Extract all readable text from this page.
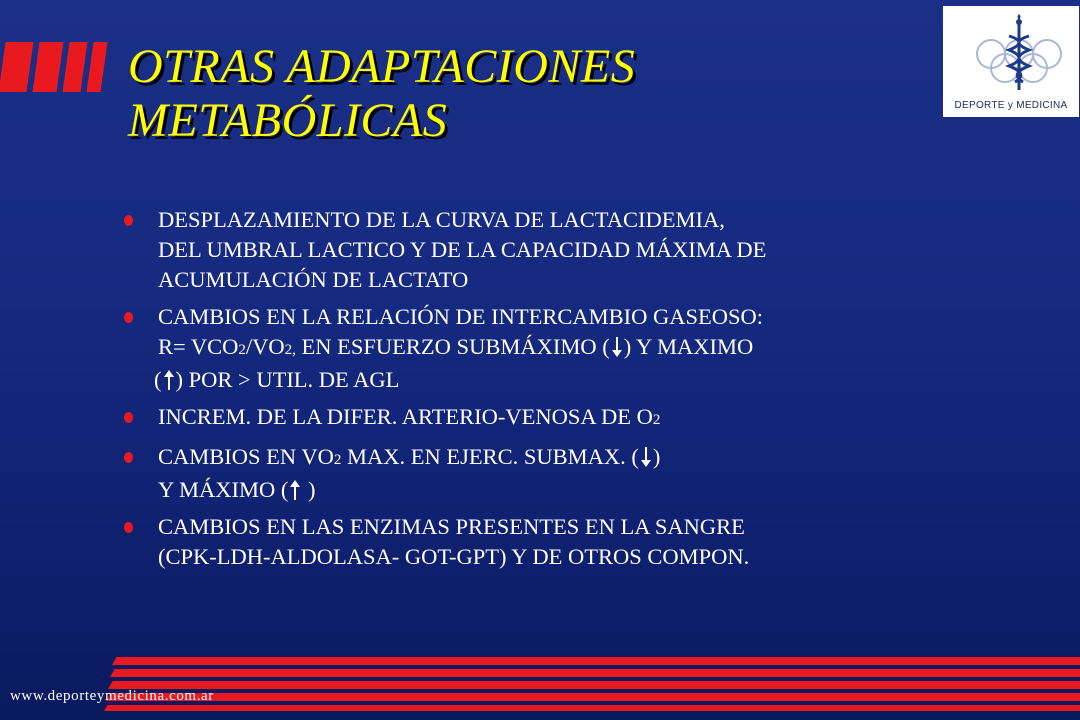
OTRAS ADAPTACIONES
METABÓLICAS	DEPORTE y MEDICINA
DESPLAZAMIENTO DE LA CURVA DE LACTACIDEMIA,
DEL UMBRAL LACTICO Y DE LA CAPACIDAD MÁXIMA DE
ACUMULACIÓN DE LACTATO
CAMBIOS EN LA RELACIÓN DE INTERCAMBIO GASEOSO:
R= VCO2/VO2, EN ESFUERZO SUBMÁXIMO ( ) Y MAXIMO
( ) POR > UTIL. DE AGL
INCREM. DE LA DIFER. ARTERIO-VENOSA DE O2
CAMBIOS EN VO2 MAX. EN EJERC. SUBMAX. ( )
Y MÁXIMO ( )
CAMBIOS EN LAS ENZIMAS PRESENTES EN LA SANGRE
(CPK-LDH-ALDOLASA- GOT-GPT) Y DE OTROS COMPON.
www.deporteymedicina.com.ar
